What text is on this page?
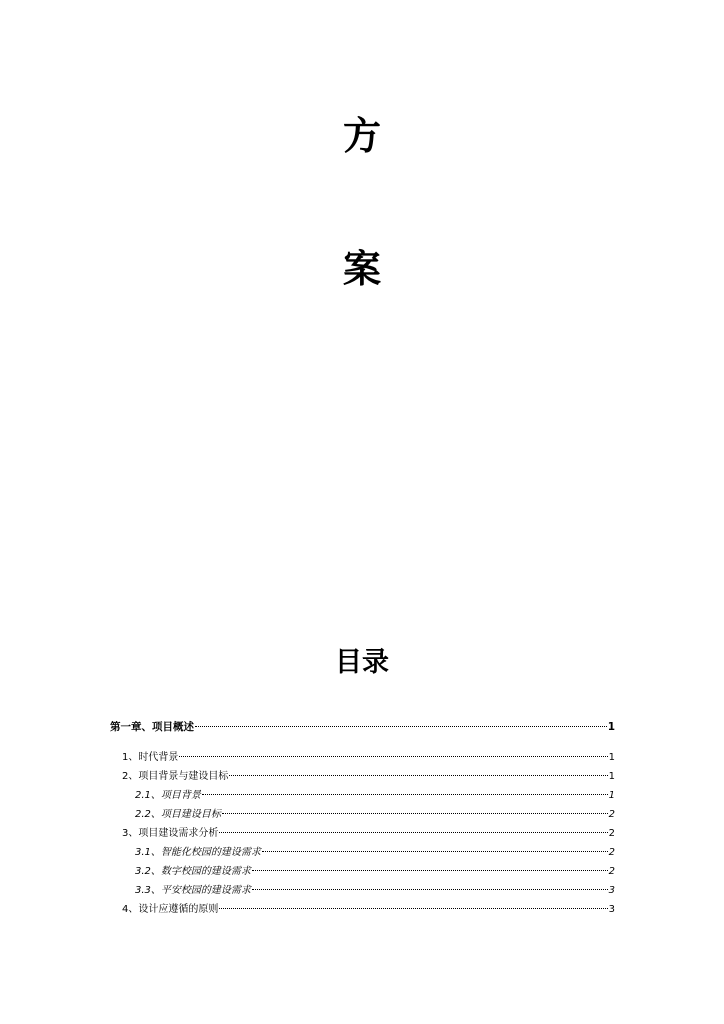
方
案
目录
第一章、项目概述	1
1、时代背景	1
2、项目背景与建设目标	1
2.1、项目背景	1
2.2、项目建设目标	2
3、项目建设需求分析	2
3.1、智能化校园的建设需求	2
3.2、数字校园的建设需求	2
3.3、平安校园的建设需求	3
4、设计应遵循的原则	3
